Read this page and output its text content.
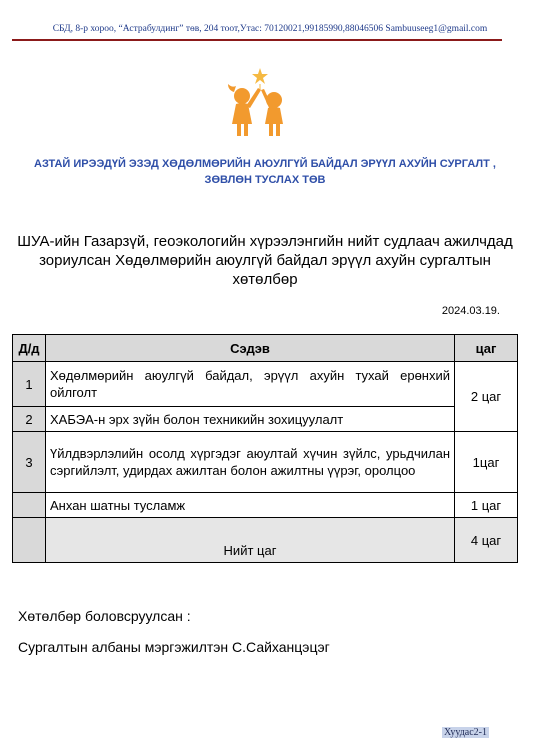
СБД, 8-р хороо, “Астрабулдинг” төв, 204 тоот,Утас: 70120021,99185990,88046506 Sambuuseeg1@gmail.com
АЗТАЙ ИРЭЭДҮЙ ЭЗЭД ХӨДӨЛМӨРИЙН АЮУЛГҮЙ БАЙДАЛ ЭРҮҮЛ АХУЙН СУРГАЛТ , ЗӨВЛӨН ТУСЛАХ ТӨВ
ШУА-ийн Газарзүй, геоэкологийн хүрээлэнгийн нийт судлаач ажилчдад зориулсан Хөдөлмөрийн аюулгүй байдал эрүүл ахуйн сургалтын хөтөлбөр
2024.03.19.
Д/д	Сэдэв	цаг
1	Хөдөлмөрийн аюулгүй байдал, эрүүл ахуйн тухай ерөнхий ойлголт	2 цаг
2	ХАБЭА-н эрх зүйн болон техникийн зохицуулалт	
3	Үйлдвэрлэлийн осолд хүргэдэг аюултай хүчин зүйлс, урьдчилан сэргийлэлт, удирдах ажилтан болон ажилтны үүрэг, оролцоо	1цаг
	Анхан шатны тусламж	1 цаг
	Нийт цаг	4 цаг
Хөтөлбөр боловсруулсан :
Сургалтын албаны мэргэжилтэн С.Сайханцэцэг
Хуудас2-1
